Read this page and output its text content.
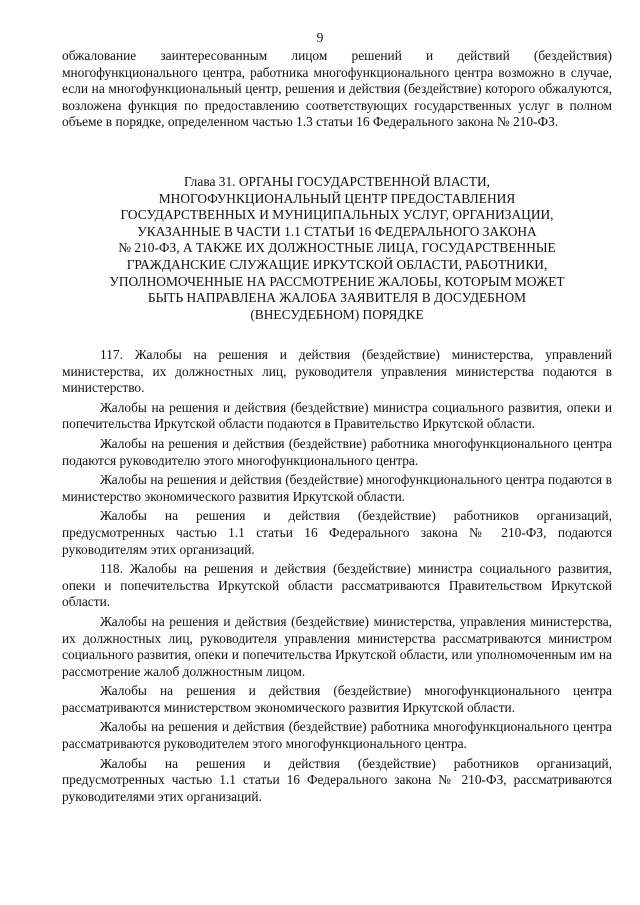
9

обжалование заинтересованным лицом решений и действий (бездействия) многофункционального центра, работника многофункционального центра возможно в случае, если на многофункциональный центр, решения и действия (бездействие) которого обжалуются, возложена функция по предоставлению соответствующих государственных услуг в полном объеме в порядке, определенном частью 1.3 статьи 16 Федерального закона № 210-ФЗ.

Глава 31. ОРГАНЫ ГОСУДАРСТВЕННОЙ ВЛАСТИ,
МНОГОФУНКЦИОНАЛЬНЫЙ ЦЕНТР ПРЕДОСТАВЛЕНИЯ
ГОСУДАРСТВЕННЫХ И МУНИЦИПАЛЬНЫХ УСЛУГ, ОРГАНИЗАЦИИ,
УКАЗАННЫЕ В ЧАСТИ 1.1 СТАТЬИ 16 ФЕДЕРАЛЬНОГО ЗАКОНА
№ 210-ФЗ, А ТАКЖЕ ИХ ДОЛЖНОСТНЫЕ ЛИЦА, ГОСУДАРСТВЕННЫЕ
ГРАЖДАНСКИЕ СЛУЖАЩИЕ ИРКУТСКОЙ ОБЛАСТИ, РАБОТНИКИ,
УПОЛНОМОЧЕННЫЕ НА РАССМОТРЕНИЕ ЖАЛОБЫ, КОТОРЫМ МОЖЕТ
БЫТЬ НАПРАВЛЕНА ЖАЛОБА ЗАЯВИТЕЛЯ В ДОСУДЕБНОМ
(ВНЕСУДЕБНОМ) ПОРЯДКЕ

117. Жалобы на решения и действия (бездействие) министерства, управлений министерства, их должностных лиц, руководителя управления министерства подаются в министерство.

Жалобы на решения и действия (бездействие) министра социального развития, опеки и попечительства Иркутской области подаются в Правительство Иркутской области.

Жалобы на решения и действия (бездействие) работника многофункционального центра подаются руководителю этого многофункционального центра.

Жалобы на решения и действия (бездействие) многофункционального центра подаются в министерство экономического развития Иркутской области.

Жалобы на решения и действия (бездействие) работников организаций, предусмотренных частью 1.1 статьи 16 Федерального закона № 210-ФЗ, подаются руководителям этих организаций.

118. Жалобы на решения и действия (бездействие) министра социального развития, опеки и попечительства Иркутской области рассматриваются Правительством Иркутской области.

Жалобы на решения и действия (бездействие) министерства, управления министерства, их должностных лиц, руководителя управления министерства рассматриваются министром социального развития, опеки и попечительства Иркутской области, или уполномоченным им на рассмотрение жалоб должностным лицом.

Жалобы на решения и действия (бездействие) многофункционального центра рассматриваются министерством экономического развития Иркутской области.

Жалобы на решения и действия (бездействие) работника многофункционального центра рассматриваются руководителем этого многофункционального центра.

Жалобы на решения и действия (бездействие) работников организаций, предусмотренных частью 1.1 статьи 16 Федерального закона № 210-ФЗ, рассматриваются руководителями этих организаций.
